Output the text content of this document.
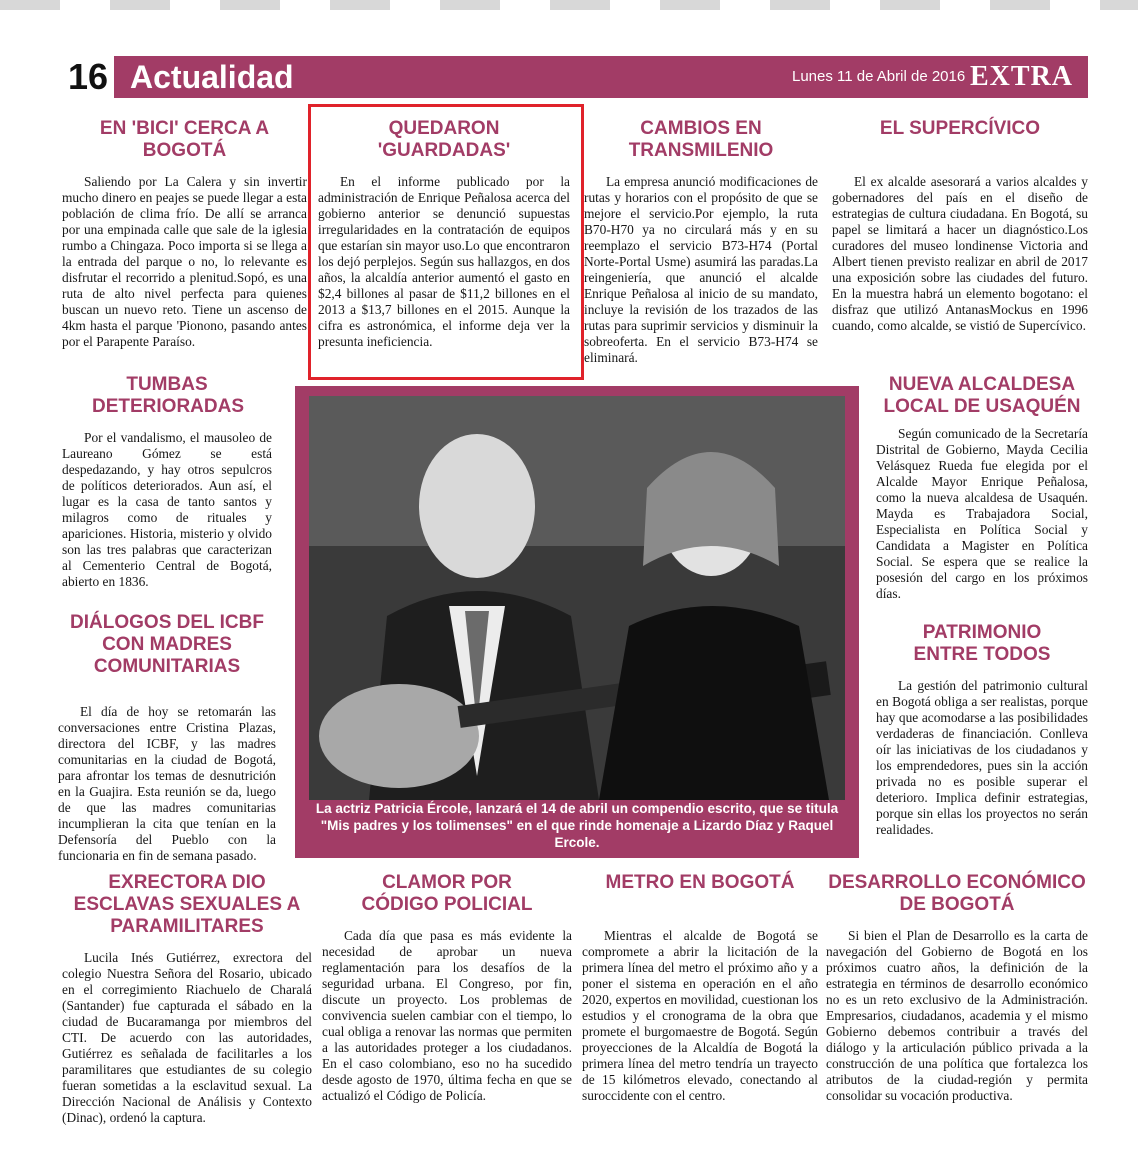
16 Actualidad	Lunes 11 de Abril de 2016 EXTRA
EN 'BICI' CERCA A BOGOTÁ

Saliendo por La Calera y sin invertir mucho dinero en peajes se puede llegar a esta población de clima frío. De allí se arranca por una empinada calle que sale de la iglesia rumbo a Chingaza. Poco importa si se llega a la entrada del parque o no, lo relevante es disfrutar el recorrido a plenitud.Sopó, es una ruta de alto nivel perfecta para quienes buscan un nuevo reto. Tiene un ascenso de 4km hasta el parque 'Pionono, pasando antes por el Parapente Paraíso.

QUEDARON 'GUARDADAS'

En el informe publicado por la administración de Enrique Peñalosa acerca del gobierno anterior se denunció supuestas irregularidades en la contratación de equipos que estarían sin mayor uso.Lo que encontraron los dejó perplejos. Según sus hallazgos, en dos años, la alcaldía anterior aumentó el gasto en $2,4 billones al pasar de $11,2 billones en el 2013 a $13,7 billones en el 2015. Aunque la cifra es astronómica, el informe deja ver la presunta ineficiencia.

CAMBIOS EN TRANSMILENIO

La empresa anunció modificaciones de rutas y horarios con el propósito de que se mejore el servicio.Por ejemplo, la ruta B70-H70 ya no circulará más y en su reemplazo el servicio B73-H74 (Portal Norte-Portal Usme) asumirá las paradas.La reingeniería, que anunció el alcalde Enrique Peñalosa al inicio de su mandato, incluye la revisión de los trazados de las rutas para suprimir servicios y disminuir la sobreoferta. En el servicio B73-H74 se eliminará.

EL SUPERCÍVICO

El ex alcalde asesorará a varios alcaldes y gobernadores del país en el diseño de estrategias de cultura ciudadana. En Bogotá, su papel se limitará a hacer un diagnóstico.Los curadores del museo londinense Victoria and Albert tienen previsto realizar en abril de 2017 una exposición sobre las ciudades del futuro. En la muestra habrá un elemento bogotano: el disfraz que utilizó AntanasMockus en 1996 cuando, como alcalde, se vistió de Supercívico.

TUMBAS DETERIORADAS

Por el vandalismo, el mausoleo de Laureano Gómez se está despedazando, y hay otros sepulcros de políticos deteriorados. Aun así, el lugar es la casa de tanto santos y milagros como de rituales y apariciones. Historia, misterio y olvido son las tres palabras que caracterizan al Cementerio Central de Bogotá, abierto en 1836.

DIÁLOGOS DEL ICBF CON MADRES COMUNITARIAS

El día de hoy se retomarán las conversaciones entre Cristina Plazas, directora del ICBF, y las madres comunitarias en la ciudad de Bogotá, para afrontar los temas de desnutrición en la Guajira. Esta reunión se da, luego de que las madres comunitarias incumplieran la cita que tenían en la Defensoría del Pueblo con la funcionaria en fin de semana pasado.

La actriz Patricia Ércole, lanzará el 14 de abril un compendio escrito, que se titula "Mis padres y los tolimenses" en el que rinde homenaje a Lizardo Díaz y Raquel Ercole.
NUEVA ALCALDESA LOCAL DE USAQUÉN

Según comunicado de la Secretaría Distrital de Gobierno, Mayda Cecilia Velásquez Rueda fue elegida por el Alcalde Mayor Enrique Peñalosa, como la nueva alcaldesa de Usaquén. Mayda es Trabajadora Social, Especialista en Política Social y Candidata a Magister en Política Social. Se espera que se realice la posesión del cargo en los próximos días.

PATRIMONIO ENTRE TODOS

La gestión del patrimonio cultural en Bogotá obliga a ser realistas, porque hay que acomodarse a las posibilidades verdaderas de financiación. Conlleva oír las iniciativas de los ciudadanos y los emprendedores, pues sin la acción privada no es posible superar el deterioro. Implica definir estrategias, porque sin ellas los proyectos no serán realidades.

EXRECTORA DIO ESCLAVAS SEXUALES A PARAMILITARES

Lucila Inés Gutiérrez, exrectora del colegio Nuestra Señora del Rosario, ubicado en el corregimiento Riachuelo de Charalá (Santander) fue capturada el sábado en la ciudad de Bucaramanga por miembros del CTI. De acuerdo con las autoridades, Gutiérrez es señalada de facilitarles a los paramilitares que estudiantes de su colegio fueran sometidas a la esclavitud sexual. La Dirección Nacional de Análisis y Contexto (Dinac), ordenó la captura.

CLAMOR POR CÓDIGO POLICIAL

Cada día que pasa es más evidente la necesidad de aprobar un nueva reglamentación para los desafíos de la seguridad urbana. El Congreso, por fin, discute un proyecto. Los problemas de convivencia suelen cambiar con el tiempo, lo cual obliga a renovar las normas que permiten a las autoridades proteger a los ciudadanos. En el caso colombiano, eso no ha sucedido desde agosto de 1970, última fecha en que se actualizó el Código de Policía.

METRO EN BOGOTÁ

Mientras el alcalde de Bogotá se compromete a abrir la licitación de la primera línea del metro el próximo año y a poner el sistema en operación en el año 2020, expertos en movilidad, cuestionan los estudios y el cronograma de la obra que promete el burgomaestre de Bogotá. Según proyecciones de la Alcaldía de Bogotá la primera línea del metro tendría un trayecto de 15 kilómetros elevado, conectando al suroccidente con el centro.

DESARROLLO ECONÓMICO DE BOGOTÁ

Si bien el Plan de Desarrollo es la carta de navegación del Gobierno de Bogotá en los próximos cuatro años, la definición de la estrategia en términos de desarrollo económico no es un reto exclusivo de la Administración. Empresarios, ciudadanos, academia y el mismo Gobierno debemos contribuir a través del diálogo y la articulación público privada a la construcción de una política que fortalezca los atributos de la ciudad-región y permita consolidar su vocación productiva.
